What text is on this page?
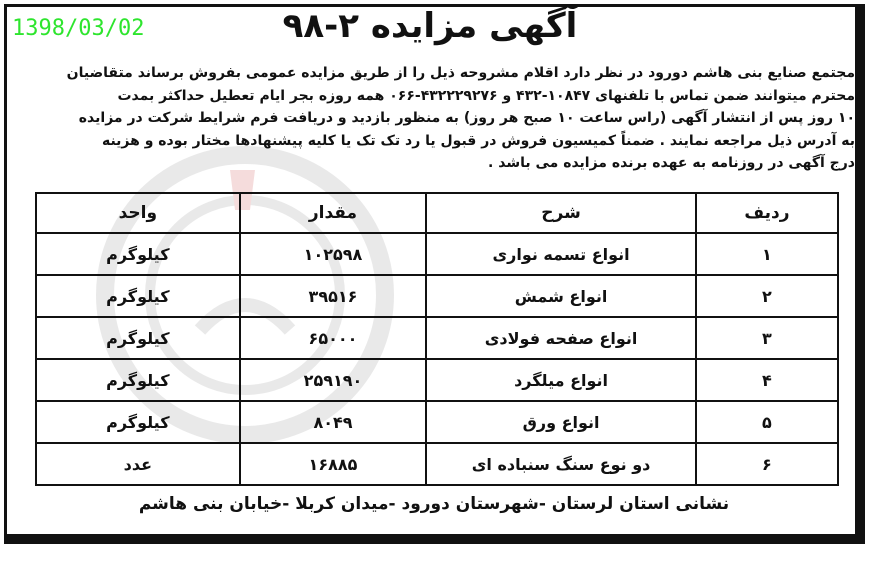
1398/03/02	آگهی مزایده ۲-۹۸

مجتمع صنایع بنی هاشم دورود در نظر دارد اقلام مشروحه ذیل را از طریق مزایده عمومی بفروش برساند متقاضیان

محترم میتوانند ضمن تماس با تلفنهای ۱۰۸۴۷-۴۳۲ و ۴۳۲۲۲۹۲۷۶-۰۶۶ همه روزه بجر ایام تعطیل حداکثر بمدت

۱۰ روز پس از انتشار آگهی (راس ساعت ۱۰ صبح هر روز) به منظور بازدید و دریافت فرم شرایط شرکت در مزایده

به آدرس ذیل مراجعه نمایند . ضمناً کمیسیون فروش در قبول یا رد تک تک یا کلیه پیشنهادها مختار بوده و هزینه

درج آگهی در روزنامه به عهده برنده مزایده می باشد .

ردیف	شرح	مقدار	واحد
۱	انواع تسمه نواری	۱۰۲۵۹۸	کیلوگرم
۲	انواع شمش	۳۹۵۱۶	کیلوگرم
۳	انواع صفحه فولادی	۶۵۰۰۰	کیلوگرم
۴	انواع میلگرد	۲۵۹۱۹۰	کیلوگرم
۵	انواع ورق	۸۰۴۹	کیلوگرم
۶	دو نوع سنگ سنباده ای	۱۶۸۸۵	عدد
نشانی استان لرستان -شهرستان دورود -میدان کربلا -خیابان بنی هاشم
